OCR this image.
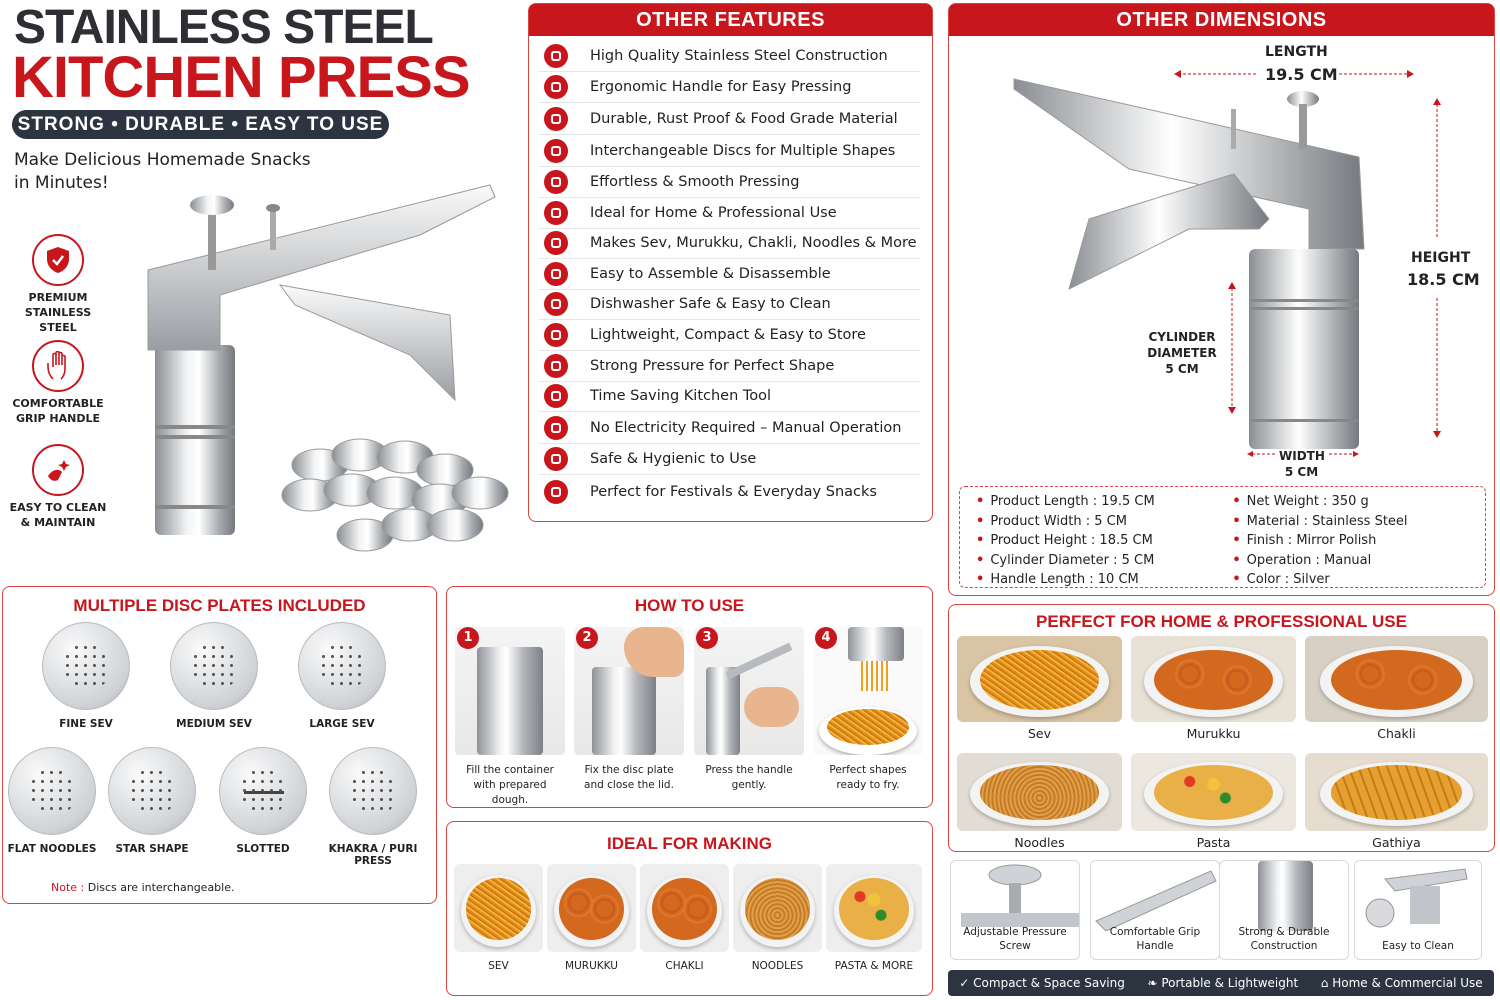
STAINLESS STEEL
KITCHEN PRESS
STRONG • DURABLE • EASY TO USE
Make Delicious Homemade Snacks in Minutes!
PREMIUM STAINLESS STEEL
COMFORTABLE GRIP HANDLE
EASY TO CLEAN & MAINTAIN
OTHER FEATURES
High Quality Stainless Steel Construction
Ergonomic Handle for Easy Pressing
Durable, Rust Proof & Food Grade Material
Interchangeable Discs for Multiple Shapes
Effortless & Smooth Pressing
Ideal for Home & Professional Use
Makes Sev, Murukku, Chakli, Noodles & More
Easy to Assemble & Disassemble
Dishwasher Safe & Easy to Clean
Lightweight, Compact & Easy to Store
Strong Pressure for Perfect Shape
Time Saving Kitchen Tool
No Electricity Required – Manual Operation
Safe & Hygienic to Use
Perfect for Festivals & Everyday Snacks
OTHER DIMENSIONS
LENGTH
19.5 CM
HEIGHT
18.5 CM
CYLINDER
DIAMETER
5 CM
WIDTH
5 CM
• Product Length : 19.5 CM
• Product Width : 5 CM
• Product Height : 18.5 CM
• Cylinder Diameter : 5 CM
• Handle Length : 10 CM
• Net Weight : 350 g
• Material : Stainless Steel
• Finish : Mirror Polish
• Operation : Manual
• Color : Silver
MULTIPLE DISC PLATES INCLUDED
FINE SEV	MEDIUM SEV	LARGE SEV
FLAT NOODLES	STAR SHAPE	SLOTTED	KHAKRA / PURI PRESS
Note : Discs are interchangeable.
HOW TO USE
1
Fill the container with prepared dough.
2
Fix the disc plate and close the lid.
3
Press the handle gently.
4
Perfect shapes ready to fry.
IDEAL FOR MAKING
SEV	MURUKKU	CHAKLI	NOODLES	PASTA & MORE
PERFECT FOR HOME & PROFESSIONAL USE
Sev	Murukku	Chakli
Noodles	Pasta	Gathiya
Adjustable Pressure Screw
Comfortable Grip Handle
Strong & Durable Construction	Easy to Clean
✓ Compact & Space Saving ❧ Portable & Lightweight ⌂ Home & Commercial Use
